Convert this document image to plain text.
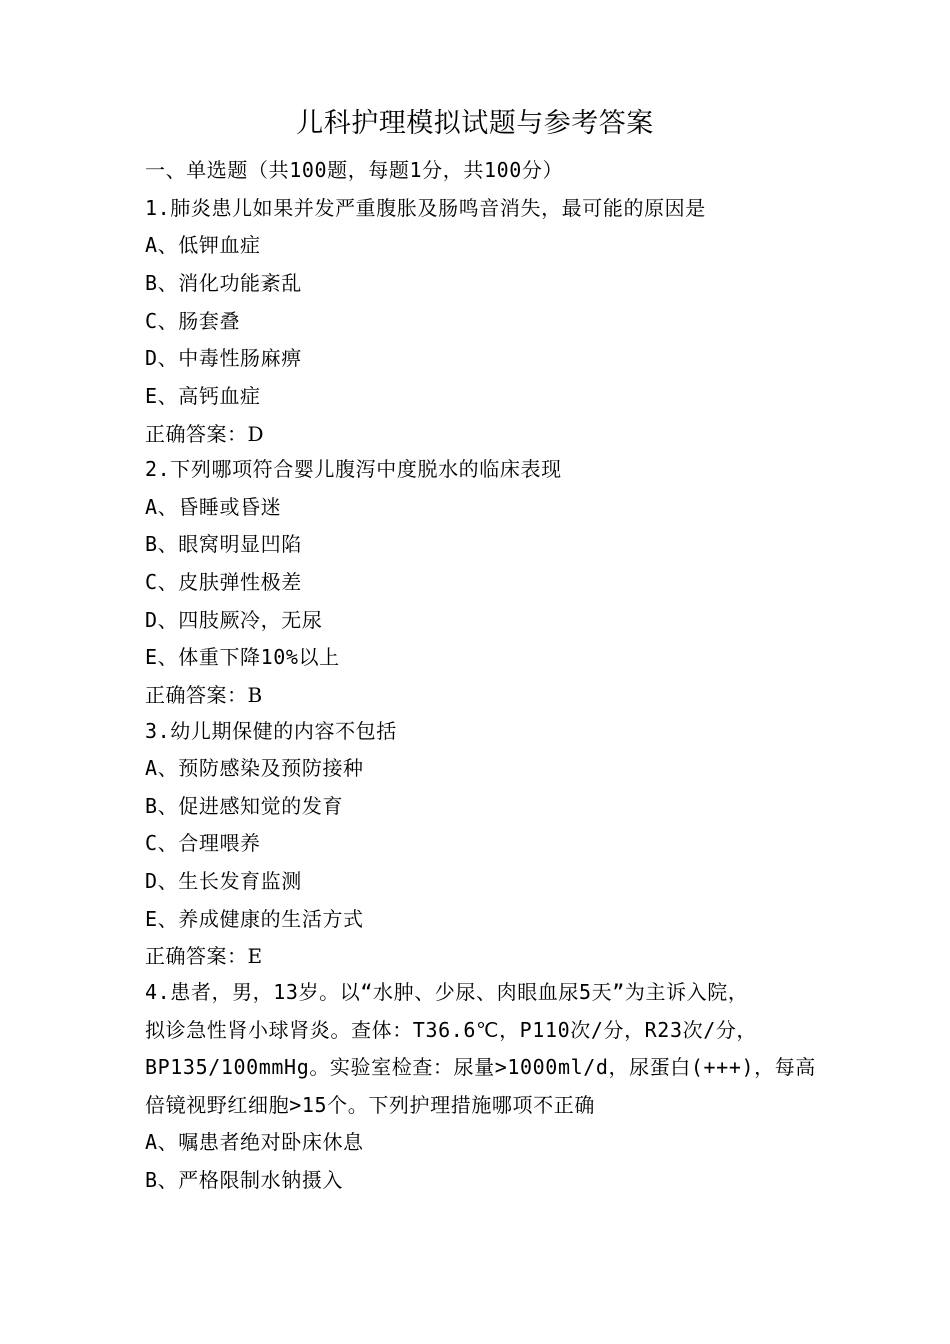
儿科护理模拟试题与参考答案
一、单选题（共100题，每题1分，共100分）
1.肺炎患儿如果并发严重腹胀及肠鸣音消失，最可能的原因是
A、低钾血症
B、消化功能紊乱
C、肠套叠
D、中毒性肠麻痹
E、高钙血症
正确答案：D
2.下列哪项符合婴儿腹泻中度脱水的临床表现
A、昏睡或昏迷
B、眼窝明显凹陷
C、皮肤弹性极差
D、四肢厥冷，无尿
E、体重下降10%以上
正确答案：B
3.幼儿期保健的内容不包括
A、预防感染及预防接种
B、促进感知觉的发育
C、合理喂养
D、生长发育监测
E、养成健康的生活方式
正确答案：E
4.患者，男，13岁。以“水肿、少尿、肉眼血尿5天”为主诉入院，
拟诊急性肾小球肾炎。查体：T36.6℃，P110次/分，R23次/分，
BP135/100mmHg。实验室检查：尿量>1000ml/d，尿蛋白(+++)，每高
倍镜视野红细胞>15个。下列护理措施哪项不正确
A、嘱患者绝对卧床休息
B、严格限制水钠摄入
